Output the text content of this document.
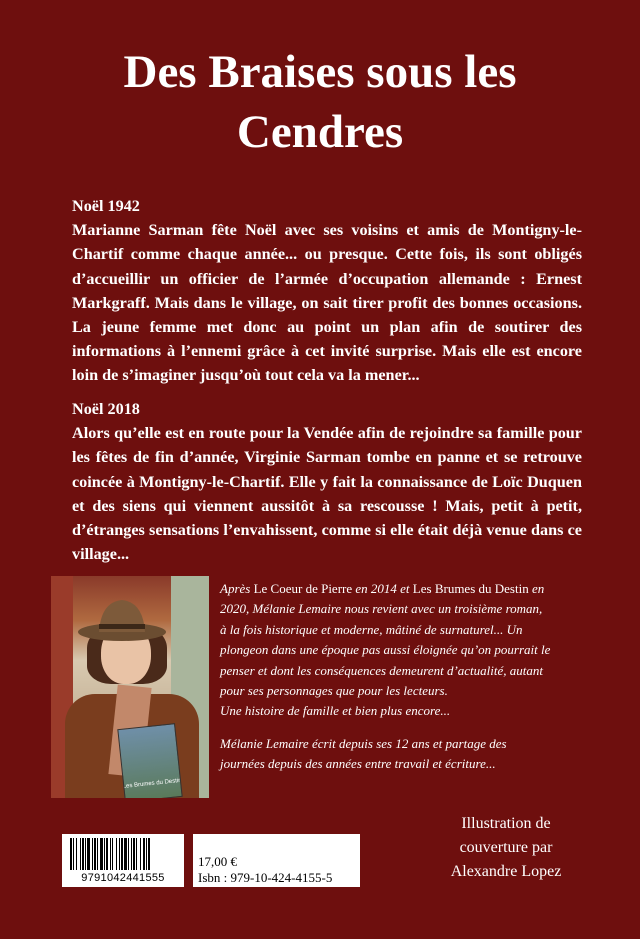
Des Braises sous les
Cendres
Noël 1942

Marianne Sarman fête Noël avec ses voisins et amis de Montigny-le-Chartif comme chaque année... ou presque. Cette fois, ils sont obligés d’accueillir un officier de l’armée d’occupation allemande : Ernest Markgraff. Mais dans le village, on sait tirer profit des bonnes occasions. La jeune femme met donc au point un plan afin de soutirer des informations à l’ennemi grâce à cet invité surprise. Mais elle est encore loin de s’imaginer jusqu’où tout cela va la mener...

Noël 2018

Alors qu’elle est en route pour la Vendée afin de rejoindre sa famille pour les fêtes de fin d’année, Virginie Sarman tombe en panne et se retrouve coincée à Montigny-le-Chartif. Elle y fait la connaissance de Loïc Duquen et des siens qui viennent aussitôt à sa rescousse ! Mais, petit à petit, d’étranges sensations l’envahissent, comme si elle était déjà venue dans ce village...

Les Brumes du Destin

Après Le Coeur de Pierre en 2014 et Les Brumes du Destin en 2020, Mélanie Lemaire nous revient avec un troisième roman, à la fois historique et moderne, mâtiné de surnaturel... Un plongeon dans une époque pas aussi éloignée qu’on pourrait le penser et dont les conséquences demeurent d’actualité, autant pour ses personnages que pour les lecteurs.

Une histoire de famille et bien plus encore...

Mélanie Lemaire écrit depuis ses 12 ans et partage des journées depuis des années entre travail et écriture...

9791042441555
17,00 €
Isbn : 979-10-424-4155-5
Illustration de
couverture par
Alexandre Lopez
